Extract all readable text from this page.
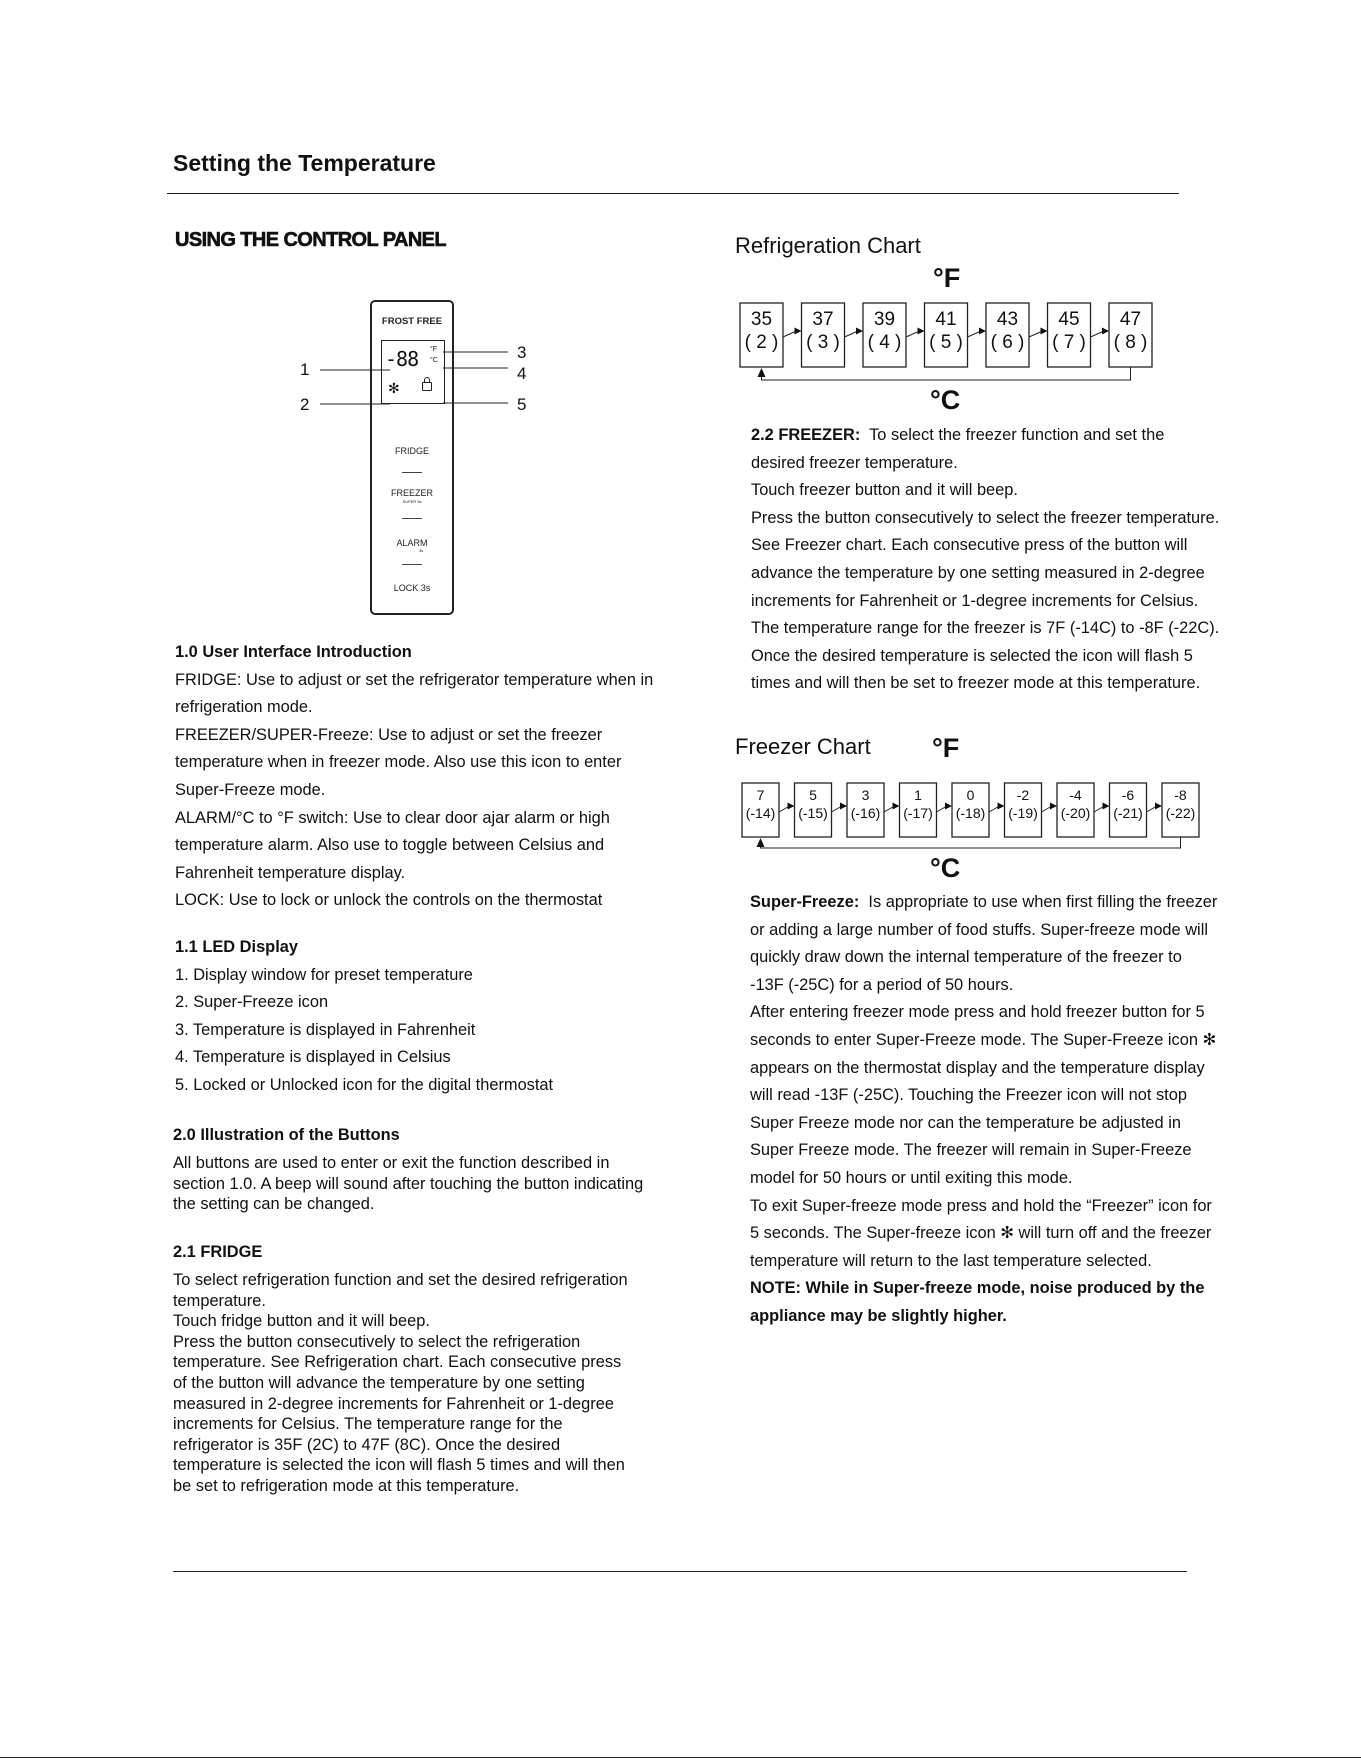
Setting the Temperature
USING THE CONTROL PANEL
FROST FREE
-88 °F
°C
✻
FRIDGE
FREEZER
SUPER 5s
ALARM
3s
LOCK 3s
1
2
3
4
5
1.0 User Interface Introduction

FRIDGE: Use to adjust or set the refrigerator temperature when in refrigeration mode.

FREEZER/SUPER-Freeze: Use to adjust or set the freezer temperature when in freezer mode. Also use this icon to enter Super-Freeze mode.

ALARM/°C to °F switch: Use to clear door ajar alarm or high temperature alarm. Also use to toggle between Celsius and Fahrenheit temperature display.

LOCK: Use to lock or unlock the controls on the thermostat

1.1 LED Display
1. Display window for preset temperature
2. Super-Freeze icon
3. Temperature is displayed in Fahrenheit
4. Temperature is displayed in Celsius
5. Locked or Unlocked icon for the digital thermostat
2.0 Illustration of the Buttons

All buttons are used to enter or exit the function described in section 1.0. A beep will sound after touching the button indicating the setting can be changed.

2.1 FRIDGE
To select refrigeration function and set the desired refrigeration
temperature.
Touch fridge button and it will beep.
Press the button consecutively to select the refrigeration
temperature. See Refrigeration chart. Each consecutive press
of the button will advance the temperature by one setting
measured in 2-degree increments for Fahrenheit or 1-degree
increments for Celsius. The temperature range for the
refrigerator is 35F (2C) to 47F (8C). Once the desired
temperature is selected the icon will flash 5 times and will then
be set to refrigeration mode at this temperature.
Refrigeration Chart
°F
°C
35
( 2 )
37
( 3 )
39
( 4 )
41
( 5 )
43
( 6 )
45
( 7 )
47
( 8 )
2.2 FREEZER:  To select the freezer function and set the
desired freezer temperature.
Touch freezer button and it will beep.
Press the button consecutively to select the freezer temperature.
See Freezer chart. Each consecutive press of the button will
advance the temperature by one setting measured in 2-degree
increments for Fahrenheit or 1-degree increments for Celsius.
The temperature range for the freezer is 7F (-14C) to -8F (-22C).
Once the desired temperature is selected the icon will flash 5
times and will then be set to freezer mode at this temperature.
Freezer Chart °F
°C
7
(-14)
5
(-15)
3
(-16)
1
(-17)
0
(-18)
-2
(-19)
-4
(-20)
-6
(-21)
-8
(-22)
Super-Freeze:  Is appropriate to use when first filling the freezer
or adding a large number of food stuffs. Super-freeze mode will
quickly draw down the internal temperature of the freezer to
-13F (-25C) for a period of 50 hours.
After entering freezer mode press and hold freezer button for 5
seconds to enter Super-Freeze mode. The Super-Freeze icon ✻
appears on the thermostat display and the temperature display
will read -13F (-25C). Touching the Freezer icon will not stop
Super Freeze mode nor can the temperature be adjusted in
Super Freeze mode. The freezer will remain in Super-Freeze
model for 50 hours or until exiting this mode.
To exit Super-freeze mode press and hold the “Freezer” icon for
5 seconds. The Super-freeze icon ✻ will turn off and the freezer
temperature will return to the last temperature selected.
NOTE: While in Super-freeze mode, noise produced by the
appliance may be slightly higher.
